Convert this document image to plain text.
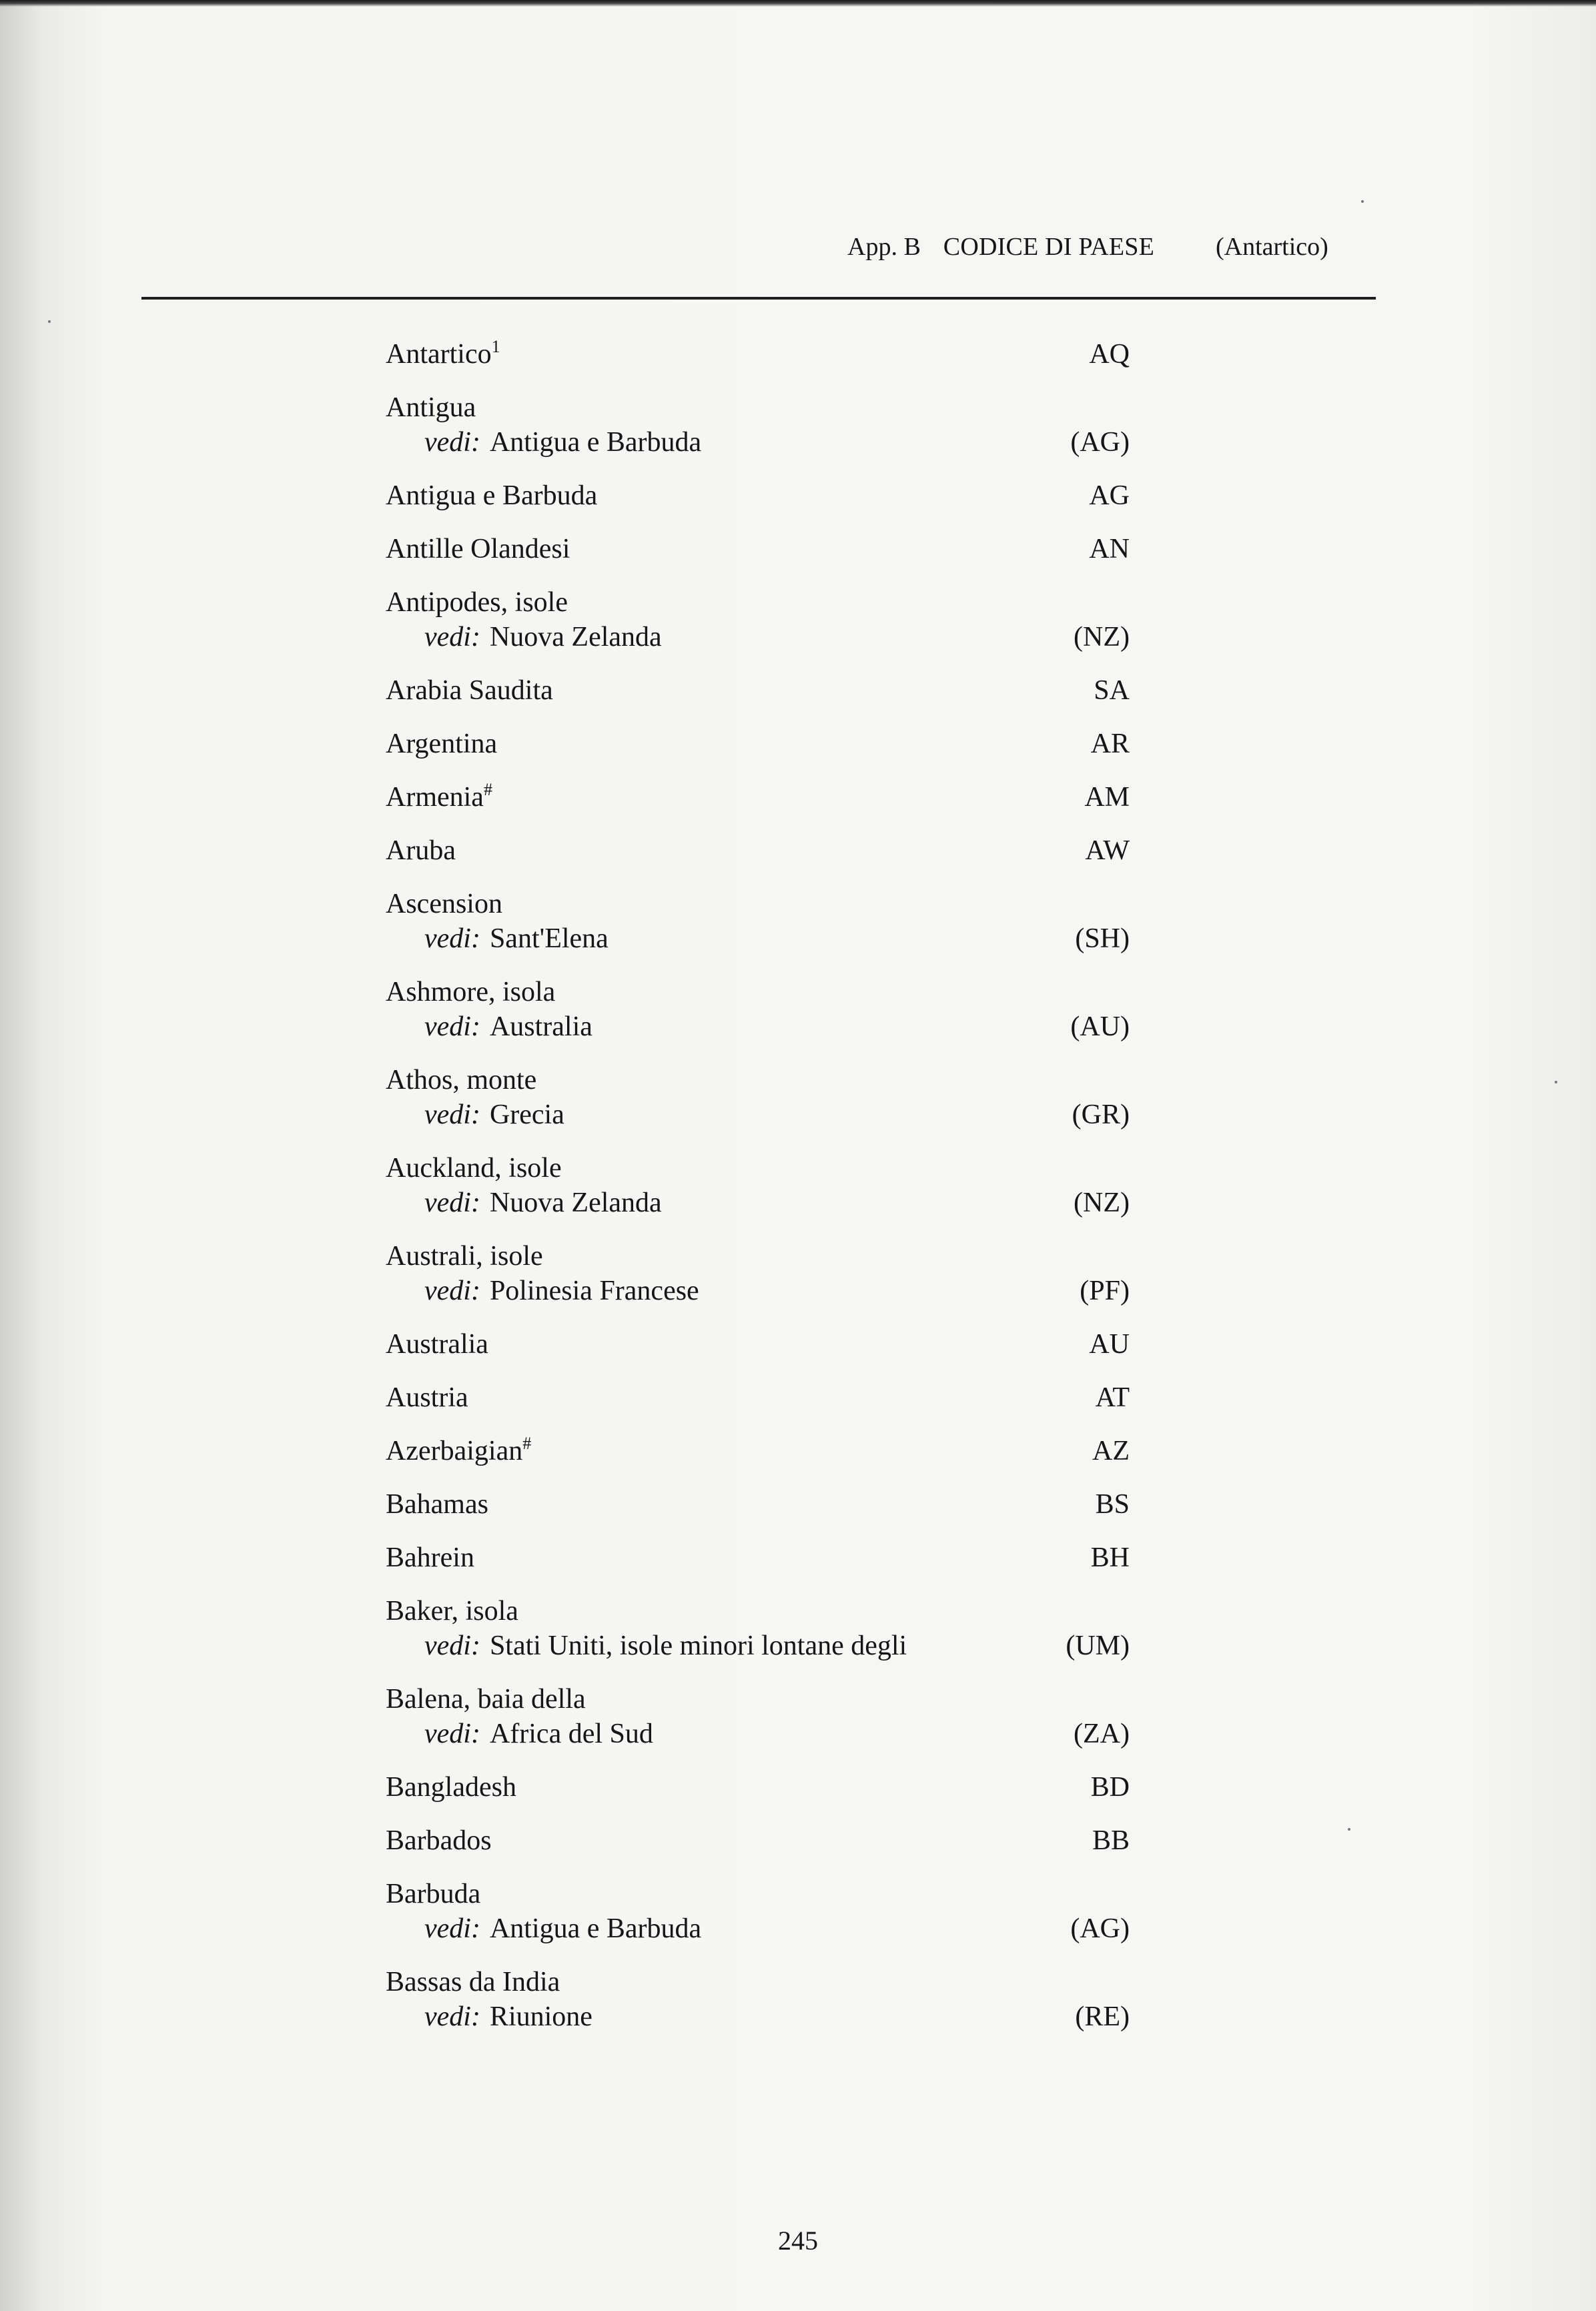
App. B CODICE DI PAESE (Antartico)
Antartico$^1$	AQ
Antigua
vedi: Antigua e Barbuda	(AG)
Antigua e Barbuda	AG
Antille Olandesi	AN
Antipodes, isole
vedi: Nuova Zelanda	(NZ)
Arabia Saudita	SA
Argentina	AR
Armenia#	AM
Aruba	AW
Ascension
vedi: Sant'Elena	(SH)
Ashmore, isola
vedi: Australia	(AU)
Athos, monte
vedi: Grecia	(GR)
Auckland, isole
vedi: Nuova Zelanda	(NZ)
Australi, isole
vedi: Polinesia Francese	(PF)
Australia	AU
Austria	AT
Azerbaigian#	AZ
Bahamas	BS
Bahrein	BH
Baker, isola
vedi: Stati Uniti, isole minori lontane degli	(UM)
Balena, baia della
vedi: Africa del Sud	(ZA)
Bangladesh	BD
Barbados	BB
Barbuda
vedi: Antigua e Barbuda	(AG)
Bassas da India
vedi: Riunione	(RE)
245
